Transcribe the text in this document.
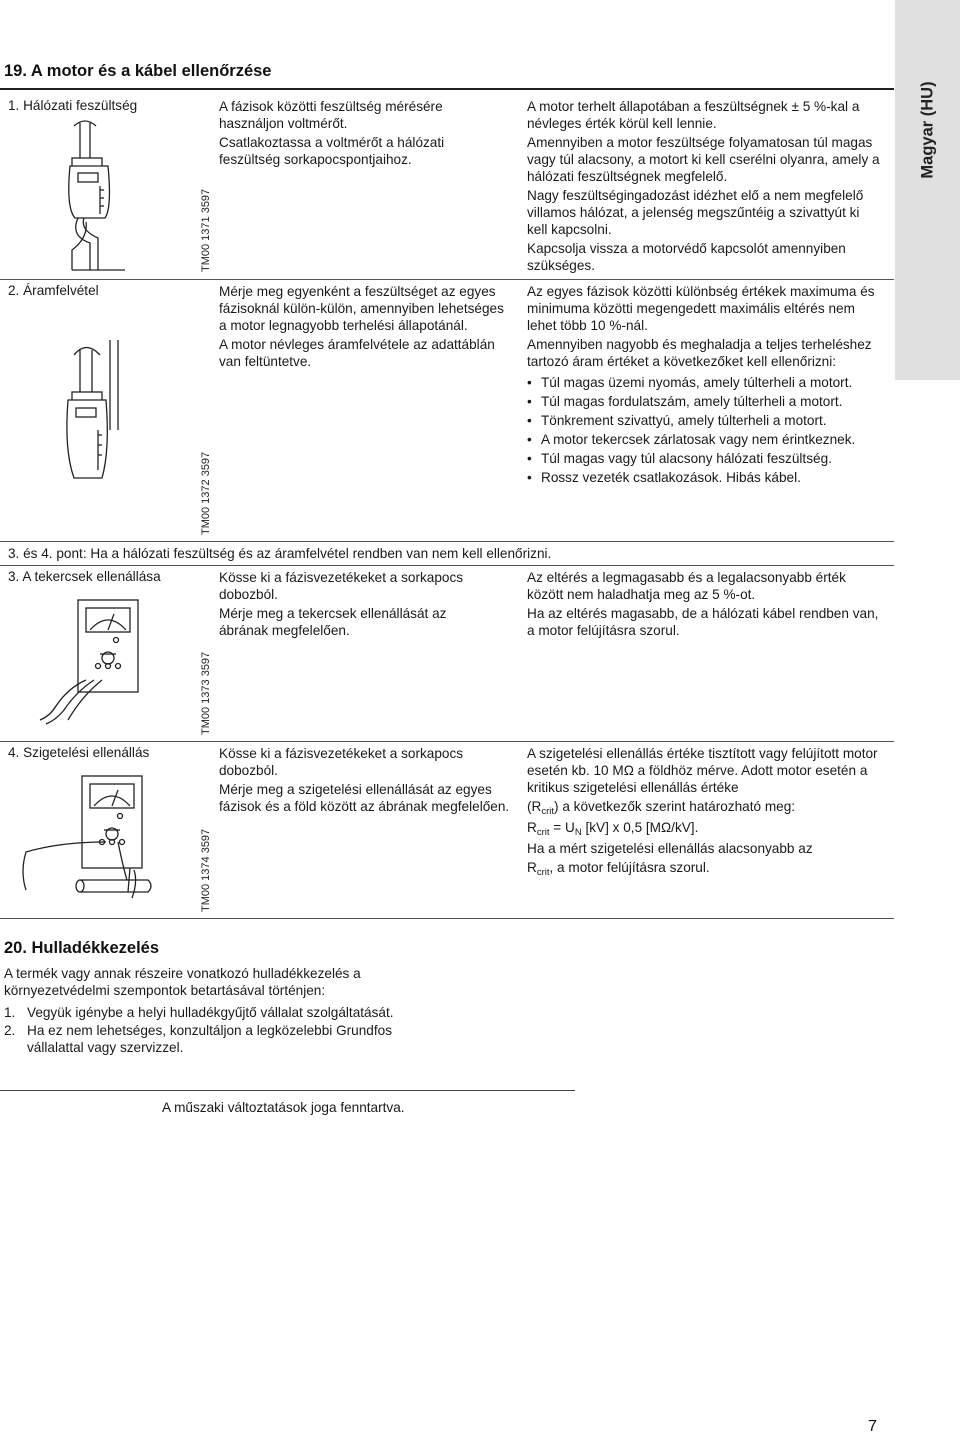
Magyar (HU)
19. A motor és a kábel ellenőrzése
1. Hálózati feszültség
TM00 1371 3597

A fázisok közötti feszültség mérésére használjon voltmérőt.

Csatlakoztassa a voltmérőt a hálózati feszültség sorkapocspontjaihoz.

A motor terhelt állapotában a feszültségnek ± 5 %-kal a névleges érték körül kell lennie.

Amennyiben a motor feszültsége folyamatosan túl magas vagy túl alacsony, a motort ki kell cserélni olyanra, amely a hálózati feszültségnek megfelelő.

Nagy feszültségingadozást idézhet elő a nem megfelelő villamos hálózat, a jelenség megszűntéig a szivattyút ki kell kapcsolni.

Kapcsolja vissza a motorvédő kapcsolót amennyiben szükséges.

2. Áramfelvétel
TM00 1372 3597

Mérje meg egyenként a feszültséget az egyes fázisoknál külön-külön, amennyiben lehetséges a motor legnagyobb terhelési állapotánál.

A motor névleges áramfelvétele az adattáblán van feltüntetve.

Az egyes fázisok közötti különbség értékek maximuma és minimuma közötti megengedett maximális eltérés nem lehet több 10 %-nál.

Amennyiben nagyobb és meghaladja a teljes terheléshez tartozó áram értéket a következőket kell ellenőrizni:

• Túl magas üzemi nyomás, amely túlterheli a motort.
• Túl magas fordulatszám, amely túlterheli a motort.
• Tönkrement szivattyú, amely túlterheli a motort.
• A motor tekercsek zárlatosak vagy nem érintkeznek.
• Túl magas vagy túl alacsony hálózati feszültség.
• Rossz vezeték csatlakozások. Hibás kábel.
3. és 4. pont: Ha a hálózati feszültség és az áramfelvétel rendben van nem kell ellenőrizni.
3. A tekercsek ellenállása
TM00 1373 3597

Kösse ki a fázisvezetékeket a sorkapocs dobozból.

Mérje meg a tekercsek ellenállását az ábrának megfelelően.

Az eltérés a legmagasabb és a legalacsonyabb érték között nem haladhatja meg az 5 %-ot.

Ha az eltérés magasabb, de a hálózati kábel rendben van, a motor felújításra szorul.

4. Szigetelési ellenállás
TM00 1374 3597

Kösse ki a fázisvezetékeket a sorkapocs dobozból.

Mérje meg a szigetelési ellenállását az egyes fázisok és a föld között az ábrának megfelelően.

A szigetelési ellenállás értéke tisztított vagy felújított motor esetén kb. 10 MΩ a földhöz mérve. Adott motor esetén a kritikus szigetelési ellenállás értéke

$(R_{crit})$ a következők szerint határozható meg:

$R_{crit} = U_N$ [kV] x 0,5 [MΩ/kV].

Ha a mért szigetelési ellenállás alacsonyabb az

$R_{crit}$, a motor felújításra szorul.

20. Hulladékkezelés
A termék vagy annak részeire vonatkozó hulladékkezelés a környezetvédelmi szempontok betartásával történjen:
1. Vegyük igénybe a helyi hulladékgyűjtő vállalat szolgáltatását.
2. Ha ez nem lehetséges, konzultáljon a legközelebbi Grundfos vállalattal vagy szervizzel.
A műszaki változtatások joga fenntartva.
7
